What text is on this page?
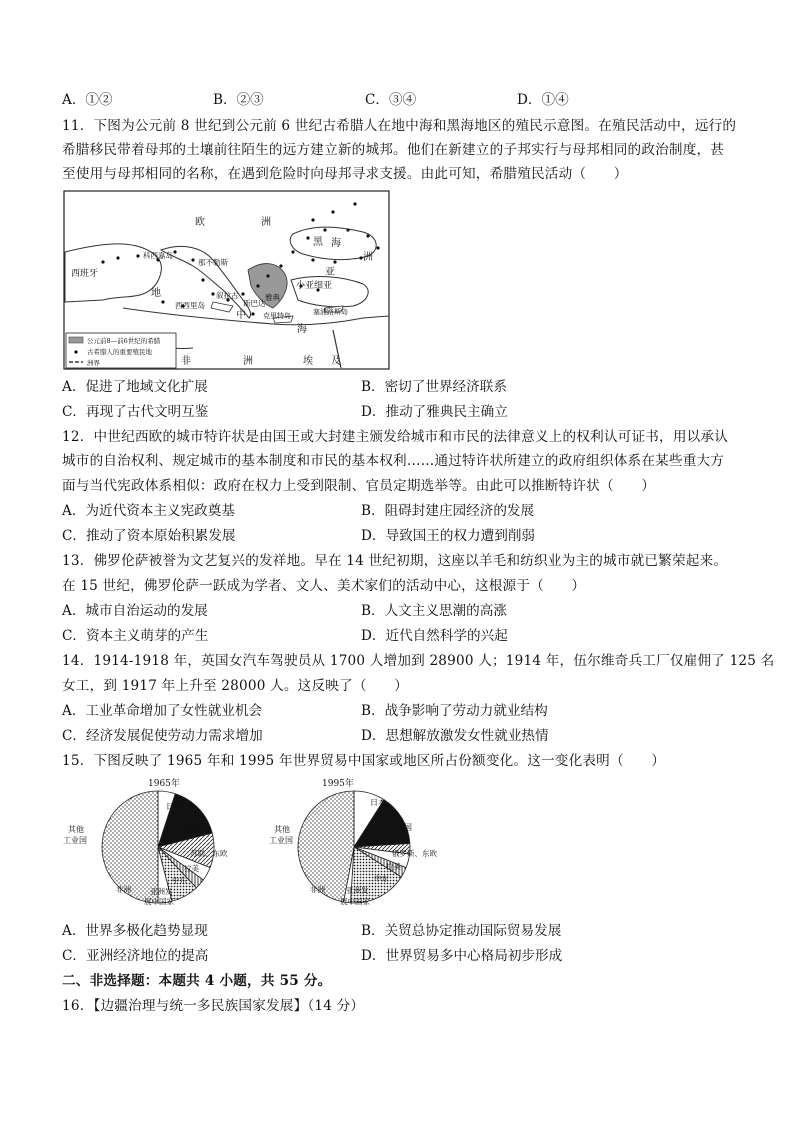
A．①②	B．②③	C．③④	D．①④
11．下图为公元前 8 世纪到公元前 6 世纪古希腊人在地中海和黑海地区的殖民示意图。在殖民活动中，远行的
希腊移民带着母邦的土壤前往陌生的远方建立新的城邦。他们在新建立的子邦实行与母邦相同的政治制度，甚
至使用与母邦相同的名称，在遇到危险时向母邦寻求支援。由此可知，希腊殖民活动（　　）
欧	洲
西班牙
科西嘉岛
那不勒斯
黑 海
亚
洲
地	叙拉古
小亚细亚
西西里岛	斯巴达
雅典
中 克里特岛	塞浦路斯岛
海
非	洲	埃 及
公元前8—前6世纪的希腊
古希腊人的重要殖民地
洲界
A．促进了地域文化扩展	B．密切了世界经济联系
C．再现了古代文明互鉴	D．推动了雅典民主确立
12．中世纪西欧的城市特许状是由国王或大封建主颁发给城市和市民的法律意义上的权利认可证书，用以承认
城市的自治权利、规定城市的基本制度和市民的基本权利……通过特许状所建立的政府组织体系在某些重大方
面与当代宪政体系相似：政府在权力上受到限制、官员定期选举等。由此可以推断特许状（　　）
A．为近代资本主义宪政奠基	B．阻碍封建庄园经济的发展
C．推动了资本原始积累发展	D．导致国王的权力遭到削弱
13．佛罗伦萨被誉为文艺复兴的发祥地。早在 14 世纪初期，这座以羊毛和纺织业为主的城市就已繁荣起来。
在 15 世纪，佛罗伦萨一跃成为学者、文人、美术家们的活动中心，这根源于（　　）
A．城市自治运动的发展	B．人文主义思潮的高涨
C．资本主义萌芽的产生	D．近代自然科学的兴起
14．1914-1918 年，英国女汽车驾驶员从 1700 人增加到 28900 人；1914 年，伍尔维奇兵工厂仅雇佣了 125 名
女工，到 1917 年上升至 28000 人。这反映了（　　）
A．工业革命增加了女性就业机会	B．战争影响了劳动力就业结构
C．经济发展促使劳动力需求增加	D．思想解放激发女性就业热情
15．下图反映了 1965 年和 1995 年世界贸易中国家或地区所占份额变化。这一变化表明（　　）
1965年
日本
美国
苏联、东欧
拉美
中东
亚洲发
展中国家
非洲
其他
工业国
1995年
日本
美国
俄罗斯、东欧
拉美
中东
亚洲发
展中国家
非洲
其他
工业国
A．世界多极化趋势显现	B．关贸总协定推动国际贸易发展
C．亚洲经济地位的提高	D．世界贸易多中心格局初步形成
二、非选择题：本题共 4 小题，共 55 分。
16．【边疆治理与统一多民族国家发展】（14 分）
